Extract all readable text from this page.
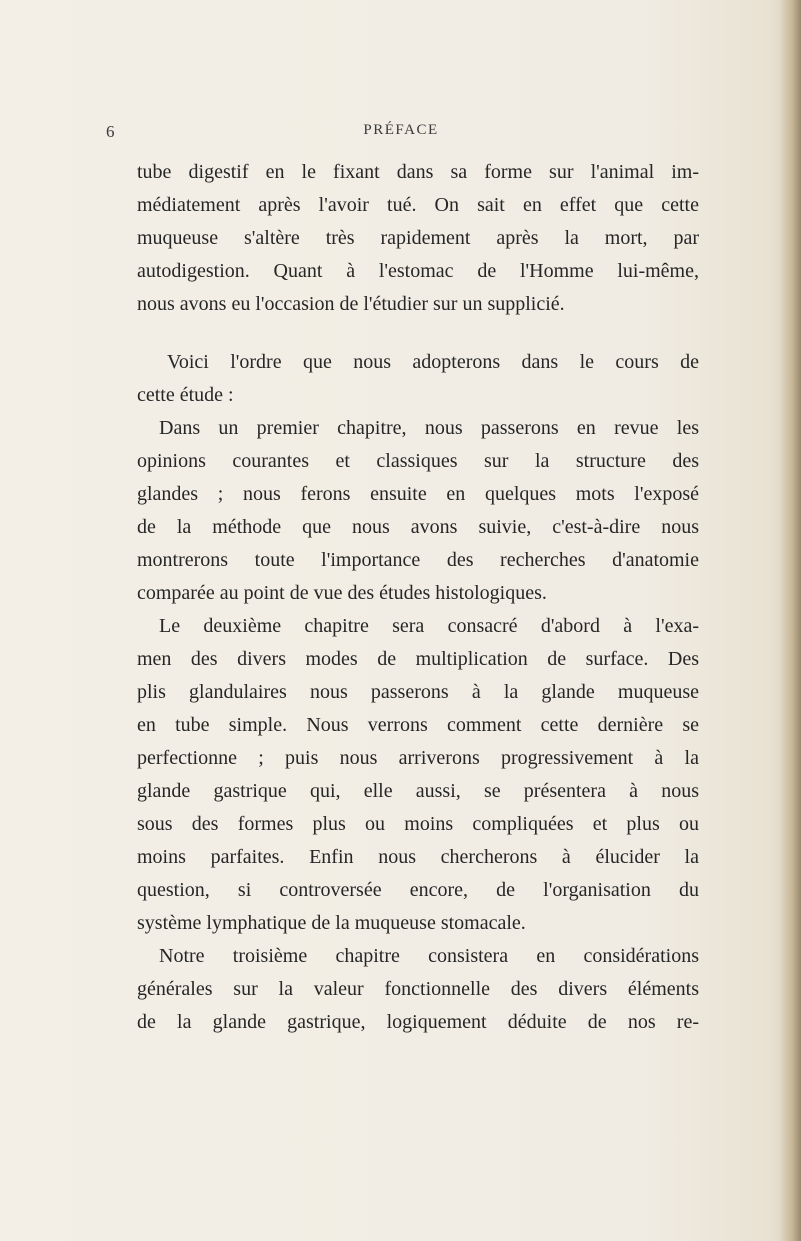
6	PRÉFACE
tube digestif en le fixant dans sa forme sur l'animal im-
médiatement après l'avoir tué. On sait en effet que cette
muqueuse s'altère très rapidement après la mort, par
autodigestion. Quant à l'estomac de l'Homme lui-même,
nous avons eu l'occasion de l'étudier sur un supplicié.
Voici l'ordre que nous adopterons dans le cours de
cette étude :
Dans un premier chapitre, nous passerons en revue les
opinions courantes et classiques sur la structure des
glandes ; nous ferons ensuite en quelques mots l'exposé
de la méthode que nous avons suivie, c'est-à-dire nous
montrerons toute l'importance des recherches d'anatomie
comparée au point de vue des études histologiques.
Le deuxième chapitre sera consacré d'abord à l'exa-
men des divers modes de multiplication de surface. Des
plis glandulaires nous passerons à la glande muqueuse
en tube simple. Nous verrons comment cette dernière se
perfectionne ; puis nous arriverons progressivement à la
glande gastrique qui, elle aussi, se présentera à nous
sous des formes plus ou moins compliquées et plus ou
moins parfaites. Enfin nous chercherons à élucider la
question, si controversée encore, de l'organisation du
système lymphatique de la muqueuse stomacale.
Notre troisième chapitre consistera en considérations
générales sur la valeur fonctionnelle des divers éléments
de la glande gastrique, logiquement déduite de nos re-
